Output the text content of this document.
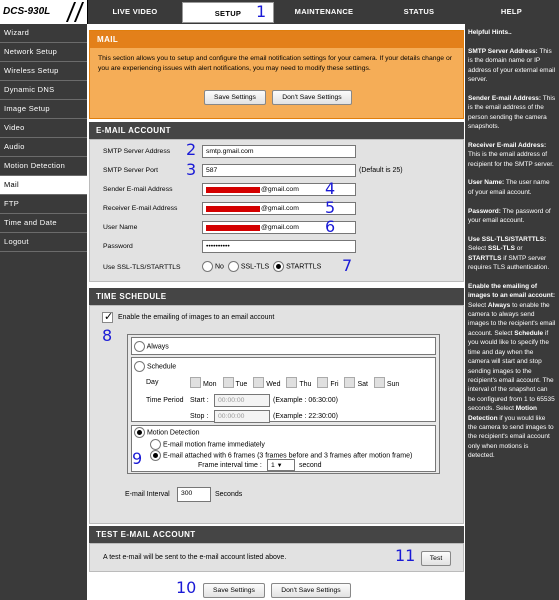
DCS-930L	LIVE VIDEO	SETUP	MAINTENANCE	STATUS	HELP
1
Wizard
Network Setup
Wireless Setup
Dynamic DNS
Image Setup
Video
Audio
Motion Detection
Mail
FTP
Time and Date
Logout
MAIL
This section allows you to setup and configure the email notification settings for your camera. If your details change or you are experiencing issues with alert notifications, you may need to modify these settings.
Save Settings	Don't Save Settings
E-MAIL ACCOUNT
SMTP Server Address	smtp.gmail.com
SMTP Server Port	587	(Default is 25)
Sender E-mail Address	@gmail.com
Receiver E-mail Address	@gmail.com
User Name	@gmail.com
Password	••••••••••
Use SSL-TLS/STARTTLS	No SSL-TLS STARTTLS
TIME SCHEDULE
✓ Enable the emailing of images to an email account
Always
Schedule
Day	Mon	Tue	Wed	Thu	Fri	Sat	Sun
Time Period Start :	00:00:00	(Example : 06:30:00)
Stop :	00:00:00	(Example : 22:30:00)
Motion Detection
E-mail motion frame immediately
E-mail attached with 6 frames (3 frames before and 3 frames after motion frame)
Frame interval time :	1 ▼	second
E-mail Interval	300	Seconds
TEST E-MAIL ACCOUNT
A test e-mail will be sent to the e-mail account listed above.	Test
Save Settings	Don't Save Settings
2
3
4
5
6
7
8
9
10
11

Helpful Hints..

SMTP Server Address: This is the domain name or IP address of your external email server.

Sender E-mail Address: This is the email address of the person sending the camera snapshots.

Receiver E-mail Address: This is the email address of recipient for the SMTP server.

User Name: The user name of your email account.

Password: The password of your email account.

Use SSL-TLS/STARTTLS: Select SSL-TLS or STARTTLS if SMTP server requires TLS authentication.

Enable the emailing of images to an email account: Select Always to enable the camera to always send images to the recipient's email account. Select Schedule if you would like to specify the time and day when the camera will start and stop sending images to the recipient's email account. The interval of the snapshot can be configured from 1 to 65535 seconds. Select Motion Detection if you would like the camera to send images to the recipient's email account only when motions is detected.
